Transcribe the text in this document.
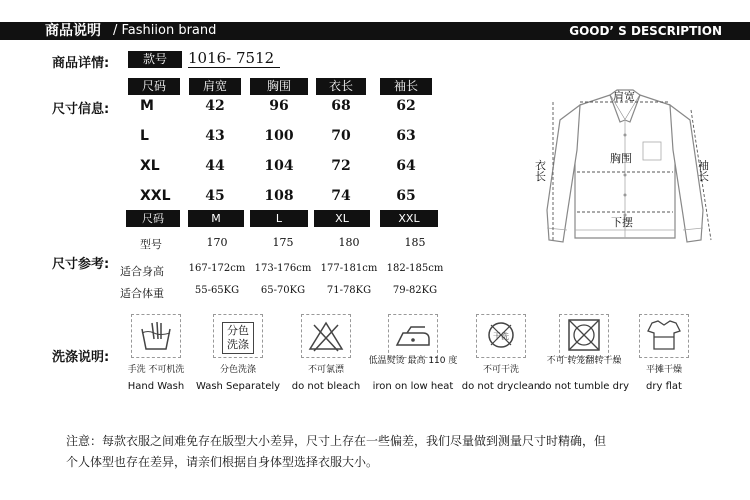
商品说明 / Fashiion brand	GOOD’ S DESCRIPTION
商品详情:	款号	1016- 7512
尺寸信息:
尺码	肩宽	胸围	衣长	袖长
M	42	96	68	62
L	43	100	70	63
XL	44	104	72	64
XXL	45	108	74	65
尺寸参考:
尺码	M	L	XL	XXL
型号	170	175	180	185
适合身高	167-172cm 173-176cm 177-181cm 182-185cm
适合体重	55-65KG	65-70KG	71-78KG	79-82KG
肩宽
胸围
衣长
袖长
下摆
洗涤说明:
分色洗涤
干洗
手洗 不可机洗
Hand Wash
分色洗涤
Wash Separately
不可氯漂
do not bleach
低温熨烫 最高 110 度
iron on low heat
不可干洗
do not dryclean
不可 转笼翻转干燥
do not tumble dry
平摊干燥
dry flat
注意：每款衣服之间难免存在版型大小差异，尺寸上存在一些偏差，我们尽量做到测量尺寸时精确，但
个人体型也存在差异，请亲们根据自身体型选择衣服大小。
